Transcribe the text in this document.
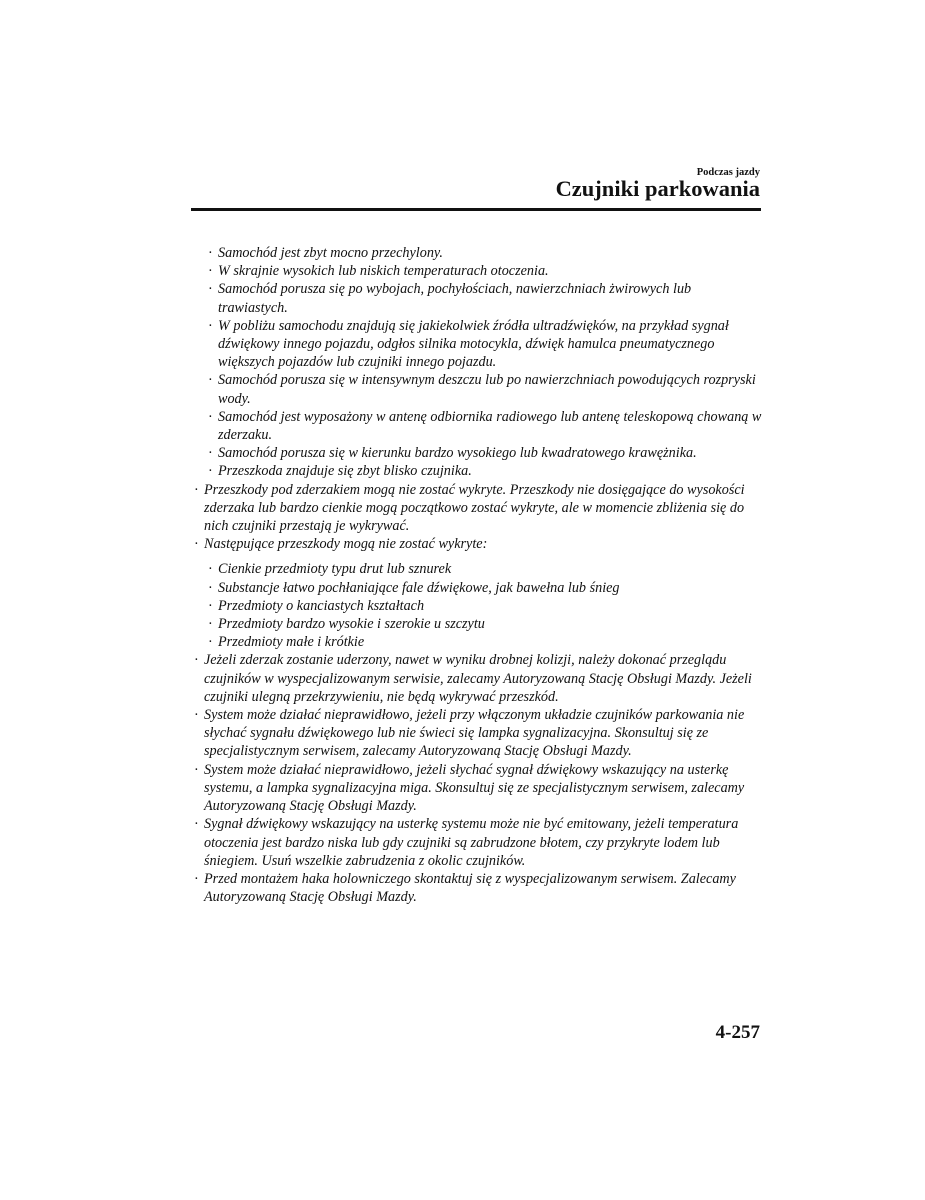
Podczas jazdy
Czujniki parkowania
· Samochód jest zbyt mocno przechylony.
· W skrajnie wysokich lub niskich temperaturach otoczenia.
· Samochód porusza się po wybojach, pochyłościach, nawierzchniach żwirowych lub trawiastych.
· W pobliżu samochodu znajdują się jakiekolwiek źródła ultradźwięków, na przykład sygnał dźwiękowy innego pojazdu, odgłos silnika motocykla, dźwięk hamulca pneumatycznego większych pojazdów lub czujniki innego pojazdu.
· Samochód porusza się w intensywnym deszczu lub po nawierzchniach powodujących rozpryski wody.
· Samochód jest wyposażony w antenę odbiornika radiowego lub antenę teleskopową chowaną w zderzaku.
· Samochód porusza się w kierunku bardzo wysokiego lub kwadratowego krawężnika.
· Przeszkoda znajduje się zbyt blisko czujnika.
· Przeszkody pod zderzakiem mogą nie zostać wykryte. Przeszkody nie dosięgające do wysokości zderzaka lub bardzo cienkie mogą początkowo zostać wykryte, ale w momencie zbliżenia się do nich czujniki przestają je wykrywać.
· Następujące przeszkody mogą nie zostać wykryte:
· Cienkie przedmioty typu drut lub sznurek
· Substancje łatwo pochłaniające fale dźwiękowe, jak bawełna lub śnieg
· Przedmioty o kanciastych kształtach
· Przedmioty bardzo wysokie i szerokie u szczytu
· Przedmioty małe i krótkie
· Jeżeli zderzak zostanie uderzony, nawet w wyniku drobnej kolizji, należy dokonać przeglądu czujników w wyspecjalizowanym serwisie, zalecamy Autoryzowaną Stację Obsługi Mazdy. Jeżeli czujniki ulegną przekrzywieniu, nie będą wykrywać przeszkód.
· System może działać nieprawidłowo, jeżeli przy włączonym układzie czujników parkowania nie słychać sygnału dźwiękowego lub nie świeci się lampka sygnalizacyjna. Skonsultuj się ze specjalistycznym serwisem, zalecamy Autoryzowaną Stację Obsługi Mazdy.
· System może działać nieprawidłowo, jeżeli słychać sygnał dźwiękowy wskazujący na usterkę systemu, a lampka sygnalizacyjna miga. Skonsultuj się ze specjalistycznym serwisem, zalecamy Autoryzowaną Stację Obsługi Mazdy.
· Sygnał dźwiękowy wskazujący na usterkę systemu może nie być emitowany, jeżeli temperatura otoczenia jest bardzo niska lub gdy czujniki są zabrudzone błotem, czy przykryte lodem lub śniegiem. Usuń wszelkie zabrudzenia z okolic czujników.
· Przed montażem haka holowniczego skontaktuj się z wyspecjalizowanym serwisem. Zalecamy Autoryzowaną Stację Obsługi Mazdy.
4-257
